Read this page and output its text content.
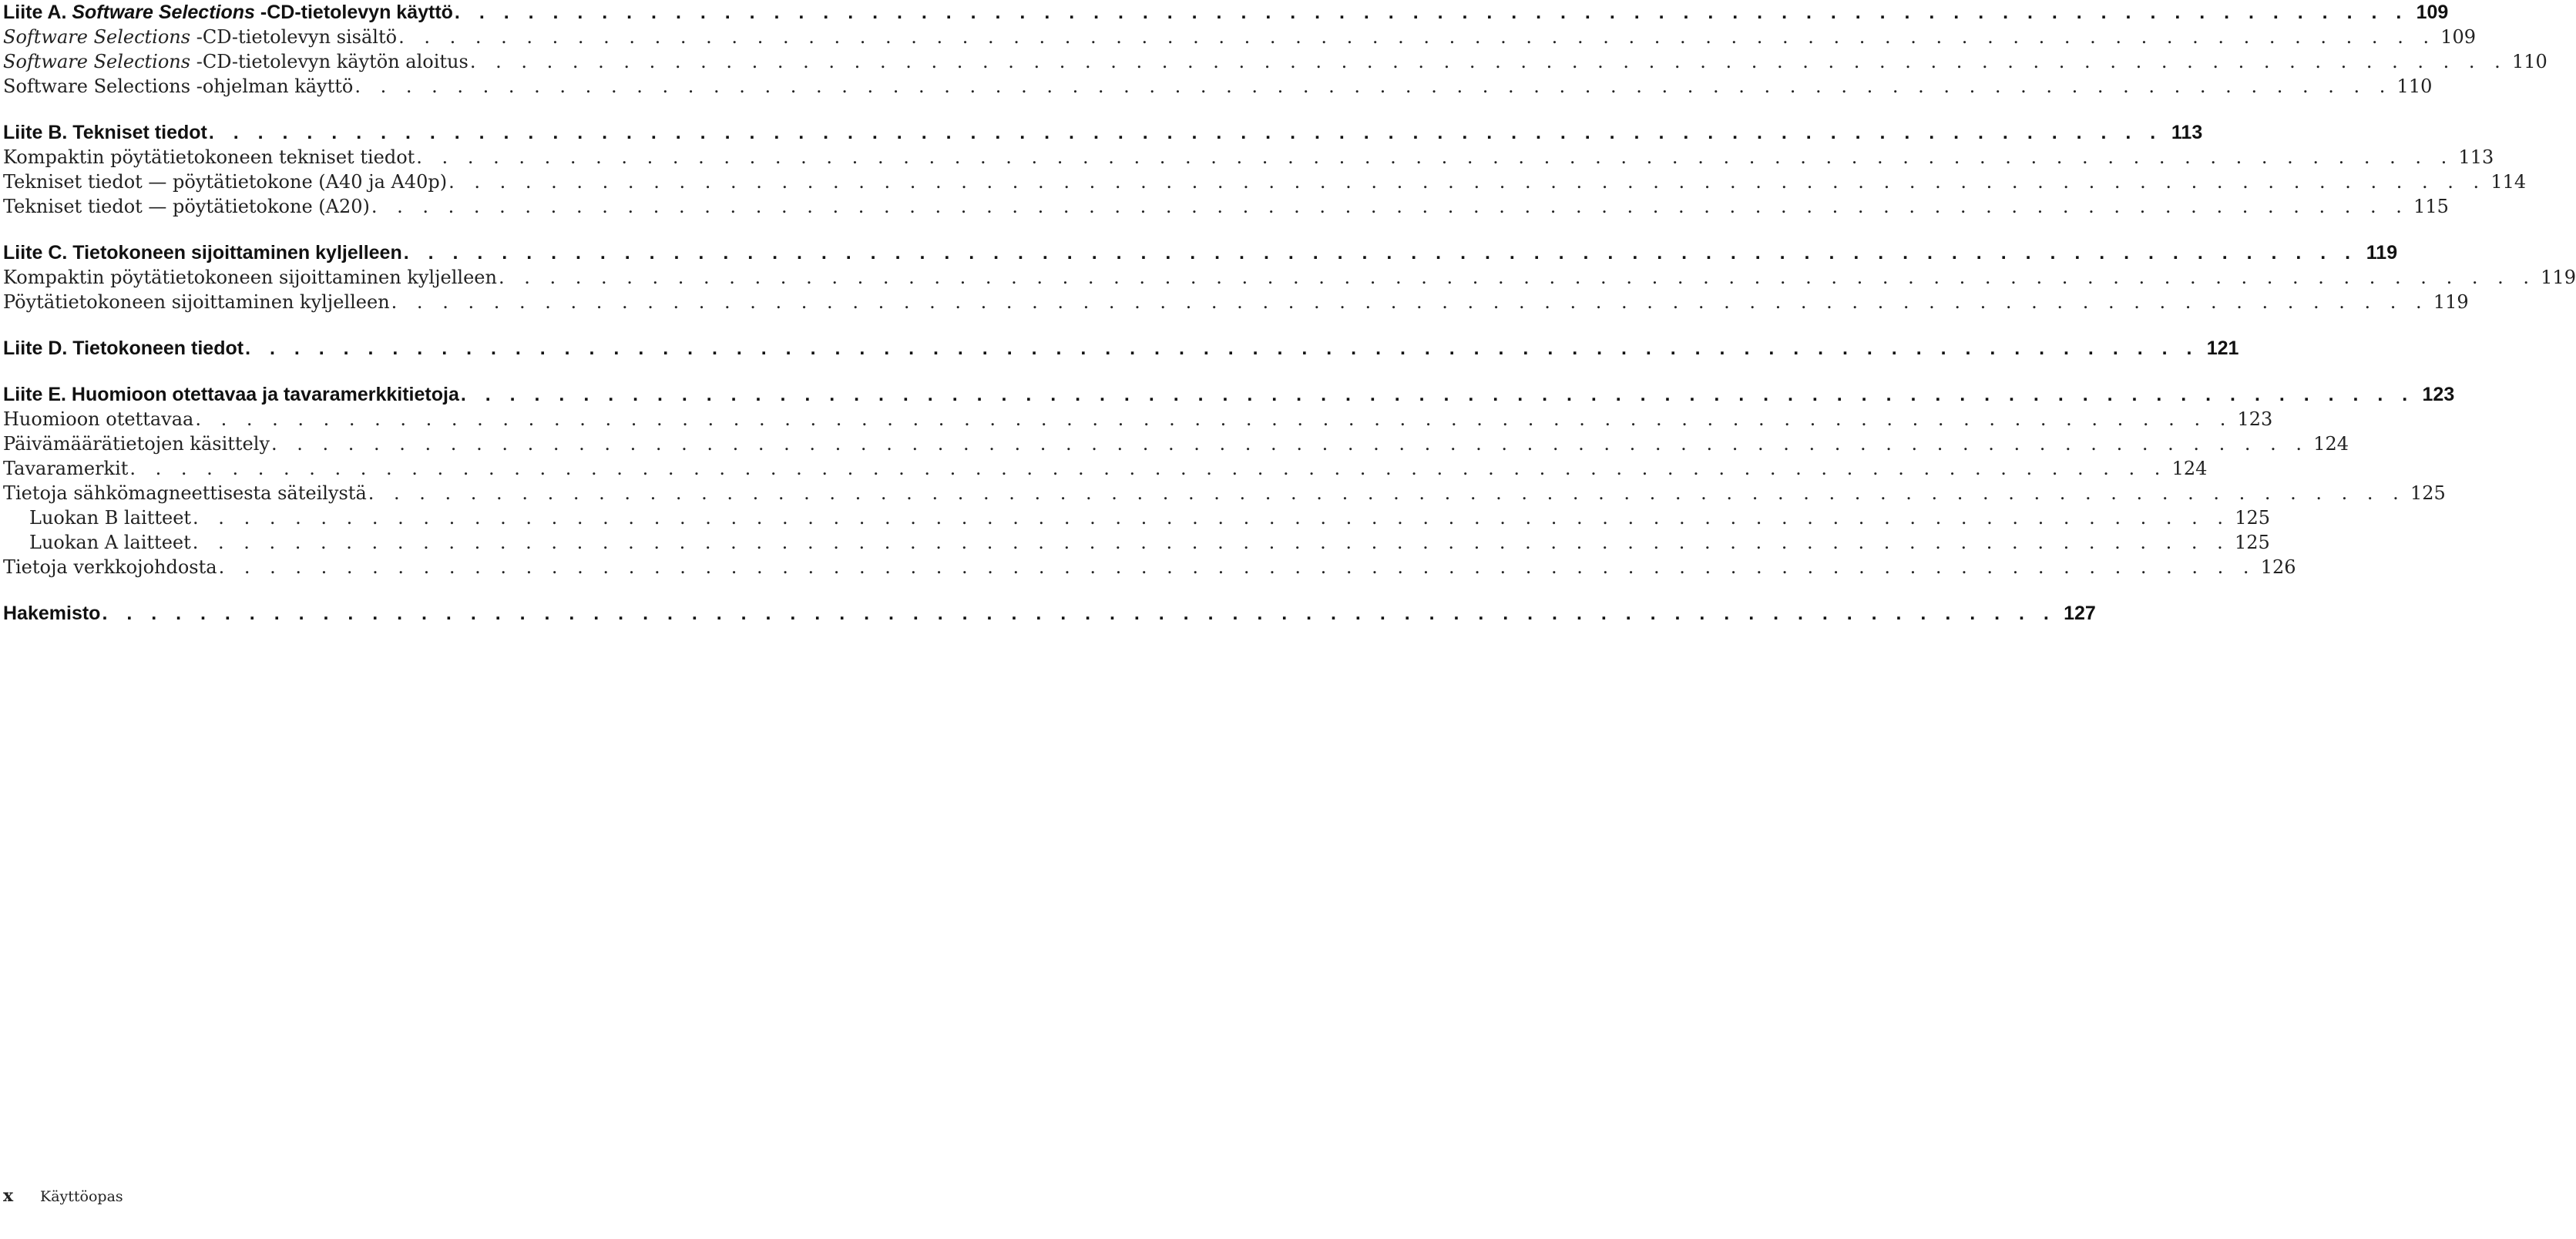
Liite A. Software Selections -CD-tietolevyn käyttö . . . . . . . . . . . . . . . . . . . . . . . . . . . . . . . . . . . . . . . . . . . . . . . . . . . . . . . . . . . . . . . . . . . . . . . . . . . . . . . . 109
Software Selections -CD-tietolevyn sisältö . . . . . . . . . . . . . . . . . . . . . . . . . . . . . . . . . . . . . . . . . . . . . . . . . . . . . . . . . . . . . . . . . . . . . . . . . . . . . . . . 109
Software Selections -CD-tietolevyn käytön aloitus . . . . . . . . . . . . . . . . . . . . . . . . . . . . . . . . . . . . . . . . . . . . . . . . . . . . . . . . . . . . . . . . . . . . . . . . . . . . . . . . 110
Software Selections -ohjelman käyttö . . . . . . . . . . . . . . . . . . . . . . . . . . . . . . . . . . . . . . . . . . . . . . . . . . . . . . . . . . . . . . . . . . . . . . . . . . . . . . . . 110
Liite B. Tekniset tiedot . . . . . . . . . . . . . . . . . . . . . . . . . . . . . . . . . . . . . . . . . . . . . . . . . . . . . . . . . . . . . . . . . . . . . . . . . . . . . . . . 113
Kompaktin pöytätietokoneen tekniset tiedot . . . . . . . . . . . . . . . . . . . . . . . . . . . . . . . . . . . . . . . . . . . . . . . . . . . . . . . . . . . . . . . . . . . . . . . . . . . . . . . . 113
Tekniset tiedot — pöytätietokone (A40 ja A40p) . . . . . . . . . . . . . . . . . . . . . . . . . . . . . . . . . . . . . . . . . . . . . . . . . . . . . . . . . . . . . . . . . . . . . . . . . . . . . . . . 114
Tekniset tiedot — pöytätietokone (A20) . . . . . . . . . . . . . . . . . . . . . . . . . . . . . . . . . . . . . . . . . . . . . . . . . . . . . . . . . . . . . . . . . . . . . . . . . . . . . . . . 115
Liite C. Tietokoneen sijoittaminen kyljelleen . . . . . . . . . . . . . . . . . . . . . . . . . . . . . . . . . . . . . . . . . . . . . . . . . . . . . . . . . . . . . . . . . . . . . . . . . . . . . . . . 119
Kompaktin pöytätietokoneen sijoittaminen kyljelleen . . . . . . . . . . . . . . . . . . . . . . . . . . . . . . . . . . . . . . . . . . . . . . . . . . . . . . . . . . . . . . . . . . . . . . . . . . . . . . . . 119
Pöytätietokoneen sijoittaminen kyljelleen . . . . . . . . . . . . . . . . . . . . . . . . . . . . . . . . . . . . . . . . . . . . . . . . . . . . . . . . . . . . . . . . . . . . . . . . . . . . . . . . 119
Liite D. Tietokoneen tiedot . . . . . . . . . . . . . . . . . . . . . . . . . . . . . . . . . . . . . . . . . . . . . . . . . . . . . . . . . . . . . . . . . . . . . . . . . . . . . . . . 121
Liite E. Huomioon otettavaa ja tavaramerkkitietoja . . . . . . . . . . . . . . . . . . . . . . . . . . . . . . . . . . . . . . . . . . . . . . . . . . . . . . . . . . . . . . . . . . . . . . . . . . . . . . . . 123
Huomioon otettavaa . . . . . . . . . . . . . . . . . . . . . . . . . . . . . . . . . . . . . . . . . . . . . . . . . . . . . . . . . . . . . . . . . . . . . . . . . . . . . . . . 123
Päivämäärätietojen käsittely . . . . . . . . . . . . . . . . . . . . . . . . . . . . . . . . . . . . . . . . . . . . . . . . . . . . . . . . . . . . . . . . . . . . . . . . . . . . . . . . 124
Tavaramerkit . . . . . . . . . . . . . . . . . . . . . . . . . . . . . . . . . . . . . . . . . . . . . . . . . . . . . . . . . . . . . . . . . . . . . . . . . . . . . . . . 124
Tietoja sähkömagneettisesta säteilystä . . . . . . . . . . . . . . . . . . . . . . . . . . . . . . . . . . . . . . . . . . . . . . . . . . . . . . . . . . . . . . . . . . . . . . . . . . . . . . . . 125
Luokan B laitteet . . . . . . . . . . . . . . . . . . . . . . . . . . . . . . . . . . . . . . . . . . . . . . . . . . . . . . . . . . . . . . . . . . . . . . . . . . . . . . . . 125
Luokan A laitteet . . . . . . . . . . . . . . . . . . . . . . . . . . . . . . . . . . . . . . . . . . . . . . . . . . . . . . . . . . . . . . . . . . . . . . . . . . . . . . . . 125
Tietoja verkkojohdosta . . . . . . . . . . . . . . . . . . . . . . . . . . . . . . . . . . . . . . . . . . . . . . . . . . . . . . . . . . . . . . . . . . . . . . . . . . . . . . . . 126
Hakemisto . . . . . . . . . . . . . . . . . . . . . . . . . . . . . . . . . . . . . . . . . . . . . . . . . . . . . . . . . . . . . . . . . . . . . . . . . . . . . . . . 127
x	Käyttöopas
